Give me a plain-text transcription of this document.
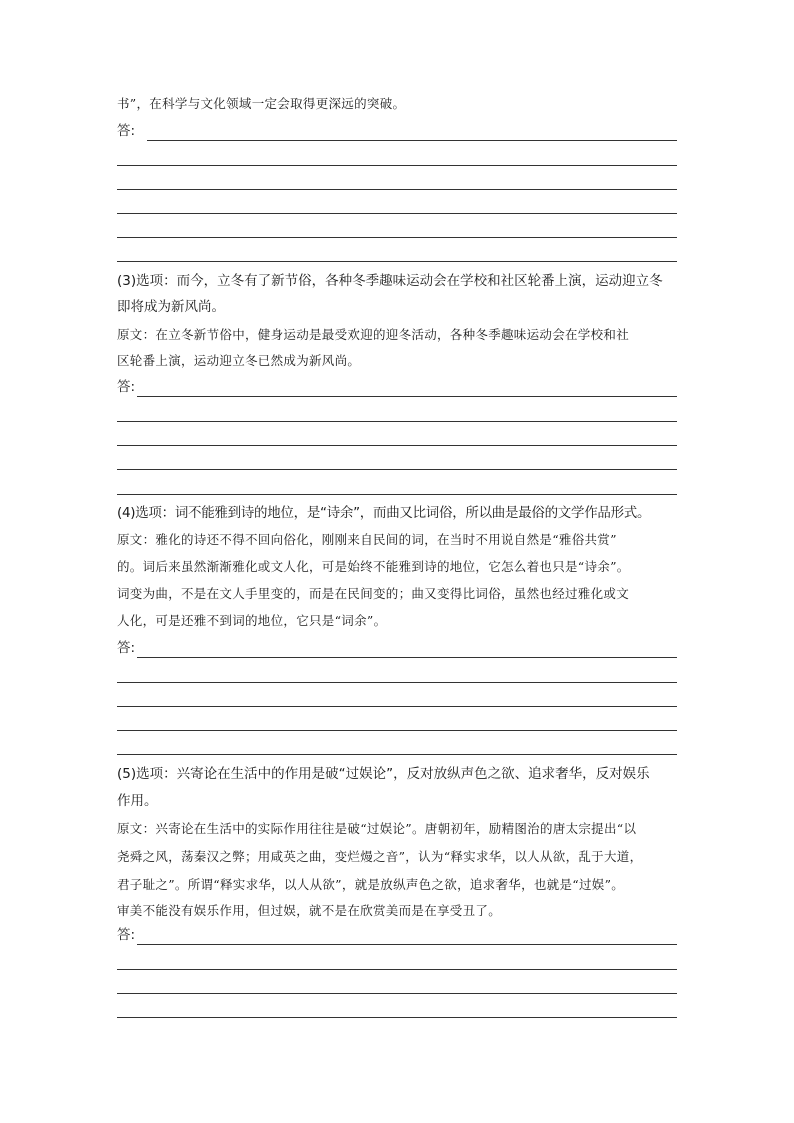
书”，在科学与文化领域一定会取得更深远的突破。
答:
(3)选项：而今，立冬有了新节俗，各种冬季趣味运动会在学校和社区轮番上演，运动迎立冬
即将成为新风尚。
原文：在立冬新节俗中，健身运动是最受欢迎的迎冬活动，各种冬季趣味运动会在学校和社
区轮番上演，运动迎立冬已然成为新风尚。
答:
(4)选项：词不能雅到诗的地位，是“诗余”，而曲又比词俗，所以曲是最俗的文学作品形式。
原文：雅化的诗还不得不回向俗化，刚刚来自民间的词，在当时不用说自然是“雅俗共赏”
的。词后来虽然渐渐雅化或文人化，可是始终不能雅到诗的地位，它怎么着也只是“诗余”。
词变为曲，不是在文人手里变的，而是在民间变的；曲又变得比词俗，虽然也经过雅化或文
人化，可是还雅不到词的地位，它只是“词余”。
答:
(5)选项：兴寄论在生活中的作用是破“过娱论”，反对放纵声色之欲、追求奢华，反对娱乐
作用。
原文：兴寄论在生活中的实际作用往往是破“过娱论”。唐朝初年，励精图治的唐太宗提出“以
尧舜之风，荡秦汉之弊；用咸英之曲，变烂熳之音”，认为“释实求华，以人从欲，乱于大道，
君子耻之”。所谓“释实求华，以人从欲”，就是放纵声色之欲，追求奢华，也就是“过娱”。
审美不能没有娱乐作用，但过娱，就不是在欣赏美而是在享受丑了。
答:
